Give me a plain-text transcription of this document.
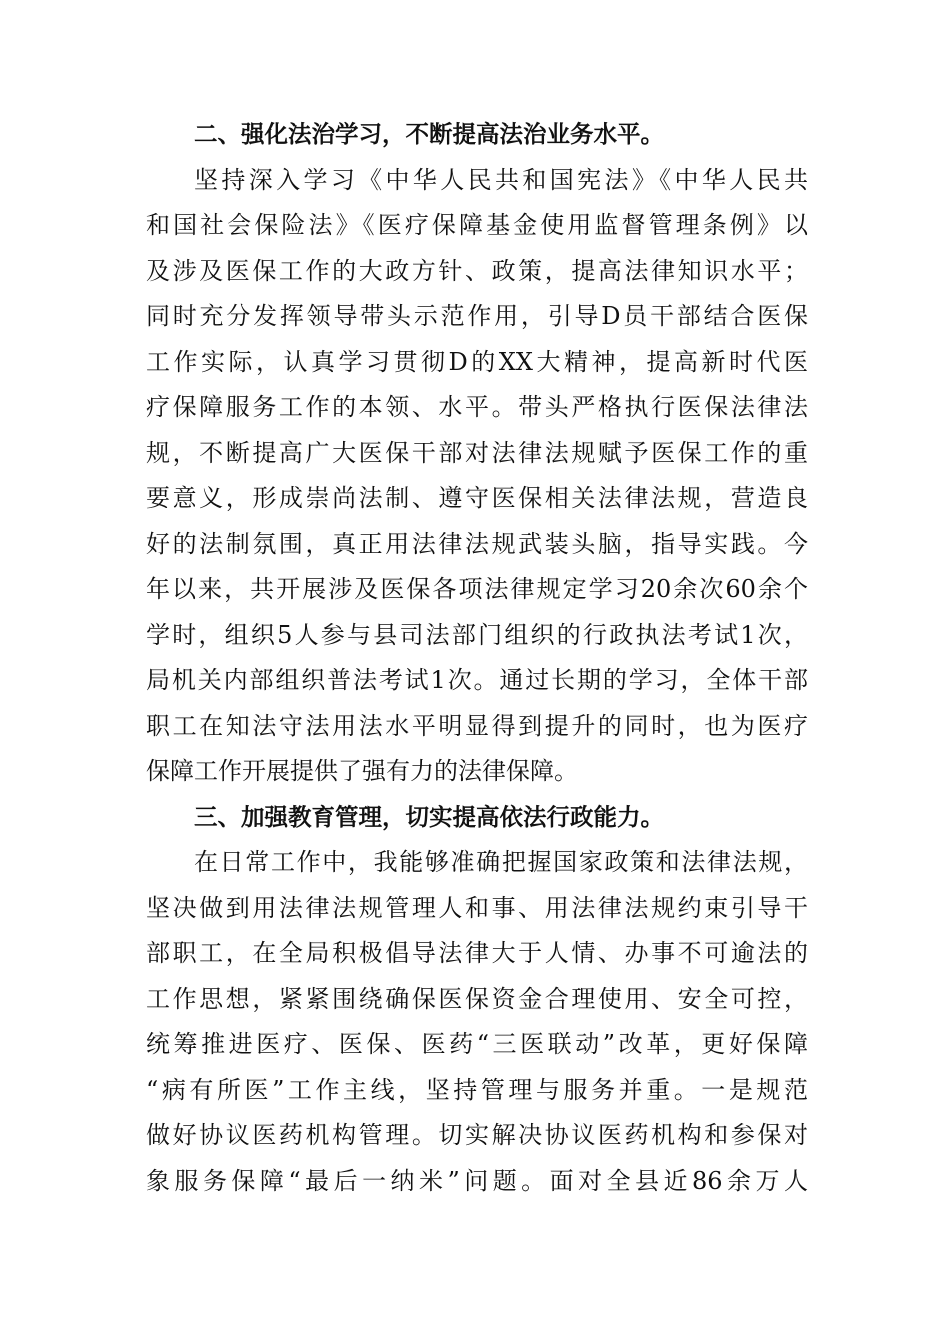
二、强化法治学习，不断提高法治业务水平。
坚持深入学习《中华人民共和国宪法》《中华人民共
和国社会保险法》《医疗保障基金使用监督管理条例》以
及涉及医保工作的大政方针、政策，提高法律知识水平；
同时充分发挥领导带头示范作用，引导D员干部结合医保
工作实际，认真学习贯彻D的XX大精神，提高新时代医
疗保障服务工作的本领、水平。带头严格执行医保法律法
规，不断提高广大医保干部对法律法规赋予医保工作的重
要意义，形成崇尚法制、遵守医保相关法律法规，营造良
好的法制氛围，真正用法律法规武装头脑，指导实践。今
年以来，共开展涉及医保各项法律规定学习20余次60余个
学时，组织5人参与县司法部门组织的行政执法考试1次，
局机关内部组织普法考试1次。通过长期的学习，全体干部
职工在知法守法用法水平明显得到提升的同时，也为医疗
保障工作开展提供了强有力的法律保障。
三、加强教育管理，切实提高依法行政能力。
在日常工作中，我能够准确把握国家政策和法律法规，
坚决做到用法律法规管理人和事、用法律法规约束引导干
部职工，在全局积极倡导法律大于人情、办事不可逾法的
工作思想，紧紧围绕确保医保资金合理使用、安全可控，
统筹推进医疗、医保、医药“三医联动”改革，更好保障
“病有所医”工作主线，坚持管理与服务并重。一是规范
做好协议医药机构管理。切实解决协议医药机构和参保对
象服务保障“最后一纳米”问题。面对全县近86余万人
